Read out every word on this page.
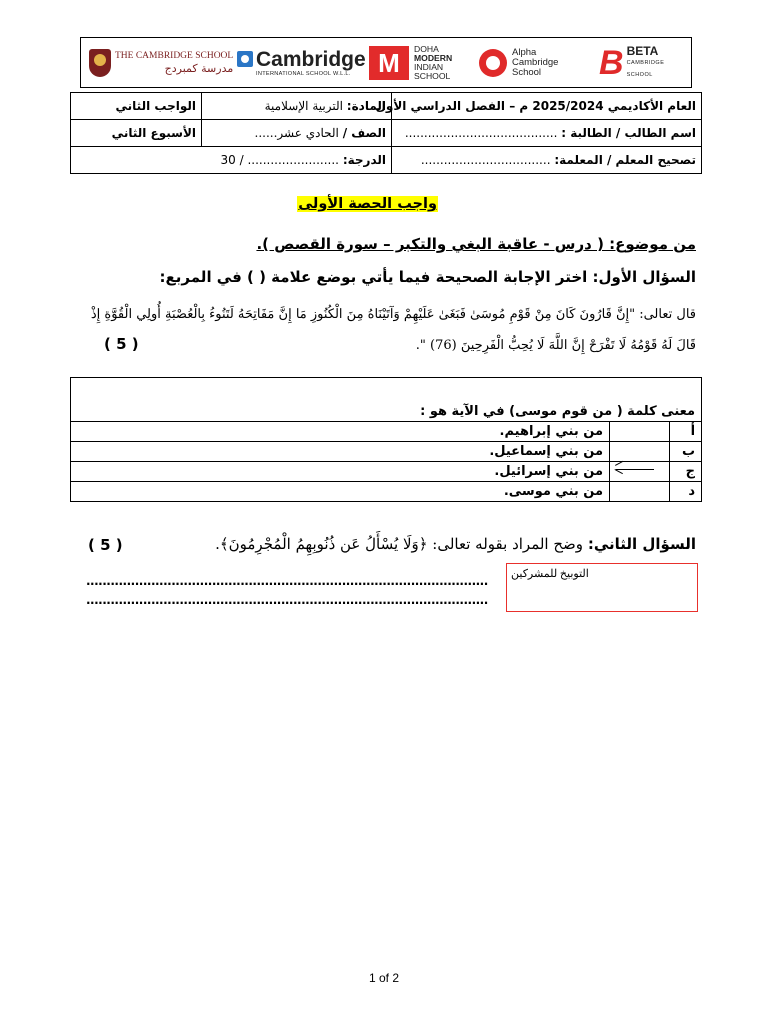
THE CAMBRIDGE SCHOOL
مدرسة كمبردج Cambridge
INTERNATIONAL SCHOOL W.L.L.	M DOHA
MODERN
INDIAN
SCHOOL
Alpha
Cambridge
School	B BETA
CAMBRIDGE SCHOOL
العام الأكاديمي 2025/2024 م – الفصل الدراسي الأول	المادة: التربية الإسلامية	الواجب الثاني
اسم الطالب / الطالبة : ........................................	الصف / الحادي عشر......	الأسبوع الثاني
تصحيح المعلم / المعلمة: ..................................	الدرجة: ........................ / 30	
واجب الحصة الأولى
من موضوع: ( درس - عاقبة البغي والتكبر – سورة القصص ).
السؤال الأول: اختر الإجابة الصحيحة فيما يأتي بوضع علامة ( ) في المربع:
قال تعالى: "إِنَّ قَارُونَ كَانَ مِنْ قَوْمِ مُوسَىٰ فَبَغَىٰ عَلَيْهِمْ وَآتَيْنَاهُ مِنَ الْكُنُوزِ مَا إِنَّ مَفَاتِحَهُ لَتَنُوءُ بِالْعُصْبَةِ أُولِي الْقُوَّةِ إِذْ
قَالَ لَهُ قَوْمُهُ لَا تَفْرَحْ إِنَّ اللَّهَ لَا يُحِبُّ الْفَرِحِينَ (76) ".
( 5 )
معنى كلمة ( من قوم موسى) في الآية هو :		
أ		من بني إبراهيم.
ب		من بني إسماعيل.
ج		من بني إسرائيل.
د		من بني موسى.
السؤال الثاني: وضح المراد بقوله تعالى: ﴿وَلَا يُسْأَلُ عَن ذُنُوبِهِمُ الْمُجْرِمُونَ﴾.
( 5 )
...................................................................................................
...................................................................................................
التوبيخ للمشركين
1 of 2
